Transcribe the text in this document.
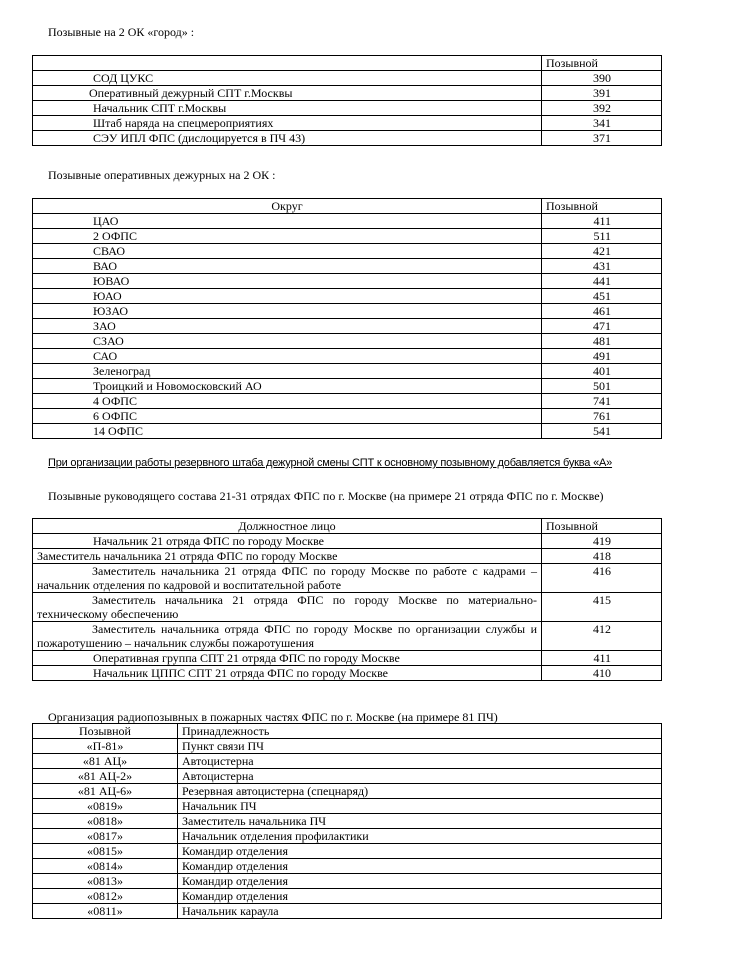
Позывные на 2 ОК «город» :
	Позывной
СОД ЦУКС	390
Оперативный дежурный СПТ г.Москвы	391
Начальник СПТ г.Москвы	392
Штаб наряда на спецмероприятиях	341
СЭУ ИПЛ ФПС (дислоцируется в ПЧ 43)	371
Позывные оперативных дежурных на 2 ОК :
Округ	Позывной
ЦАО	411
2 ОФПС	511
СВАО	421
ВАО	431
ЮВАО	441
ЮАО	451
ЮЗАО	461
ЗАО	471
СЗАО	481
САО	491
Зеленоград	401
Троицкий и Новомосковский АО	501
4 ОФПС	741
6 ОФПС	761
14 ОФПС	541
При организации работы резервного штаба дежурной смены СПТ к основному позывному добавляется буква «А»
Позывные руководящего состава 21-31 отрядах ФПС по г. Москве (на примере 21 отряда ФПС по г. Москве)
Должностное лицо	Позывной
Начальник 21 отряда ФПС по городу Москве	419
Заместитель начальника 21 отряда ФПС по городу Москве	418
Заместитель начальника 21 отряда ФПС по городу Москве по работе с кадрами – начальник отделения по кадровой и воспитательной работе	416
Заместитель начальника 21 отряда ФПС по городу Москве по материально-техническому обеспечению	415
Заместитель начальника отряда ФПС по городу Москве по организации службы и пожаротушению – начальник службы пожаротушения	412
Оперативная группа СПТ 21 отряда ФПС по городу Москве	411
Начальник ЦППС СПТ 21 отряда ФПС по городу Москве	410
Организация радиопозывных в пожарных частях ФПС по г. Москве (на примере 81 ПЧ)
Позывной	Принадлежность
«П-81»	Пункт связи ПЧ
«81 АЦ»	Автоцистерна
«81 АЦ-2»	Автоцистерна
«81 АЦ-6»	Резервная автоцистерна (спецнаряд)
«0819»	Начальник ПЧ
«0818»	Заместитель начальника ПЧ
«0817»	Начальник отделения профилактики
«0815»	Командир отделения
«0814»	Командир отделения
«0813»	Командир отделения
«0812»	Командир отделения
«0811»	Начальник караула
